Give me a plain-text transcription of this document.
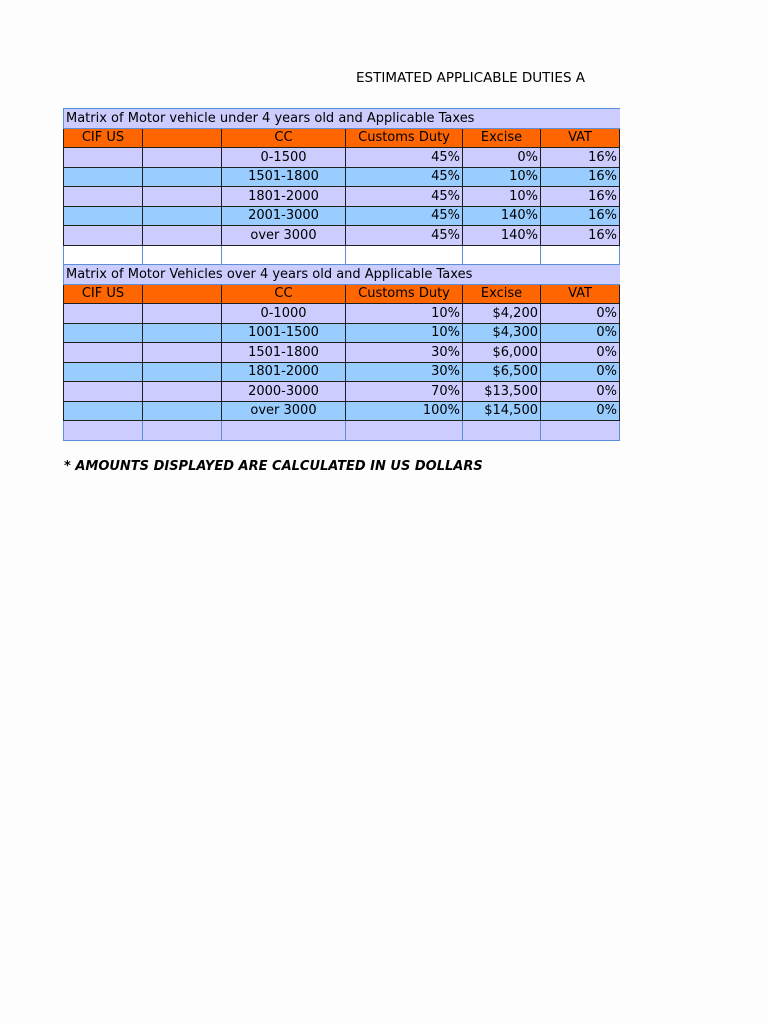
ESTIMATED APPLICABLE DUTIES A
Matrix of Motor vehicle under 4 years old and Applicable Taxes					
CIF US		CC	Customs Duty	Excise	VAT
		0-1500	45%	0%	16%
		1501-1800	45%	10%	16%
		1801-2000	45%	10%	16%
		2001-3000	45%	140%	16%
		over 3000	45%	140%	16%

Matrix of Motor Vehicles over 4 years old and Applicable Taxes					
CIF US		CC	Customs Duty	Excise	VAT
		0-1000	10%	$4,200	0%
		1001-1500	10%	$4,300	0%
		1501-1800	30%	$6,000	0%
		1801-2000	30%	$6,500	0%
		2000-3000	70%	$13,500	0%
		over 3000	100%	$14,500	0%

* AMOUNTS DISPLAYED ARE CALCULATED IN US DOLLARS
